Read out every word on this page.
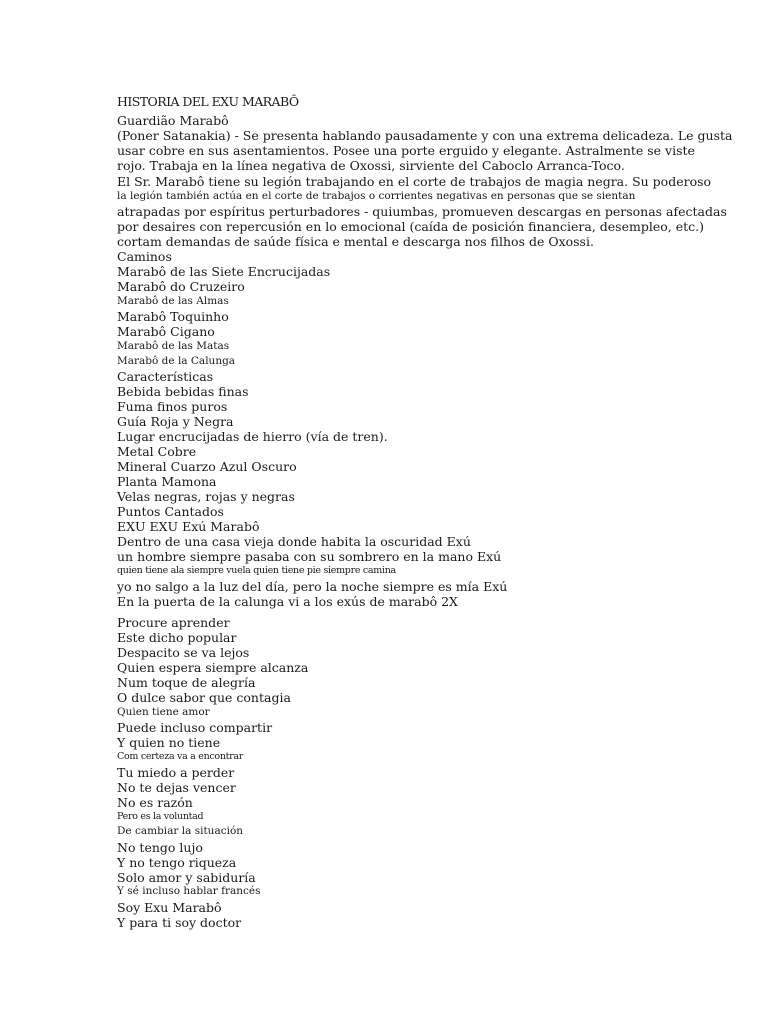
HISTORIA DEL EXU MARABÔ
Guardião Marabô
(Poner Satanakia) - Se presenta hablando pausadamente y con una extrema delicadeza. Le gusta
usar cobre en sus asentamientos. Posee una porte erguido y elegante. Astralmente se viste
rojo. Trabaja en la línea negativa de Oxossi, sirviente del Caboclo Arranca-Toco.
El Sr. Marabô tiene su legión trabajando en el corte de trabajos de magia negra. Su poderoso
la legión también actúa en el corte de trabajos o corrientes negativas en personas que se sientan
atrapadas por espíritus perturbadores - quiumbas, promueven descargas en personas afectadas
por desaires con repercusión en lo emocional (caída de posición financiera, desempleo, etc.)
cortam demandas de saúde física e mental e descarga nos filhos de Oxossi.
Caminos
Marabô de las Siete Encrucijadas
Marabô do Cruzeiro
Marabô de las Almas
Marabô Toquinho
Marabô Cigano
Marabô de las Matas
Marabô de la Calunga
Características
Bebida bebidas finas
Fuma finos puros
Guía Roja y Negra
Lugar encrucijadas de hierro (vía de tren).
Metal Cobre
Mineral Cuarzo Azul Oscuro
Planta Mamona
Velas negras, rojas y negras
Puntos Cantados
EXU EXU Exú Marabô
Dentro de una casa vieja donde habita la oscuridad Exú
un hombre siempre pasaba con su sombrero en la mano Exú
quien tiene ala siempre vuela quien tiene pie siempre camina
yo no salgo a la luz del día, pero la noche siempre es mía Exú
En la puerta de la calunga vi a los exús de marabô 2X
Procure aprender
Este dicho popular
Despacito se va lejos
Quien espera siempre alcanza
Num toque de alegría
O dulce sabor que contagia
Quien tiene amor
Puede incluso compartir
Y quien no tiene
Com certeza va a encontrar
Tu miedo a perder
No te dejas vencer
No es razón
Pero es la voluntad
De cambiar la situación
No tengo lujo
Y no tengo riqueza
Solo amor y sabiduría
Y sé incluso hablar francés
Soy Exu Marabô
Y para ti soy doctor
